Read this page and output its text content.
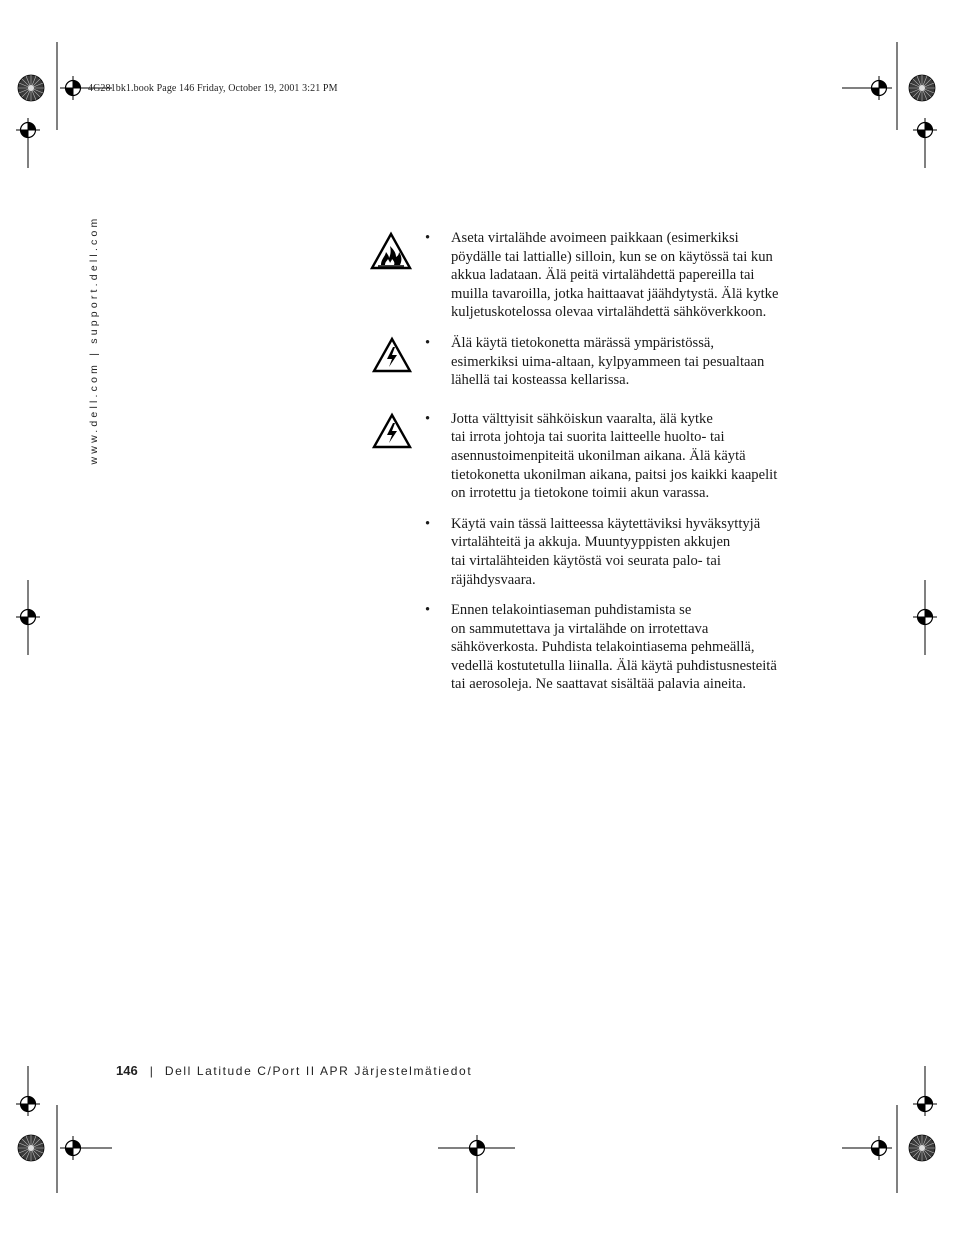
4G281bk1.book Page 146 Friday, October 19, 2001 3:21 PM
www.dell.com | support.dell.com	•	Aseta virtalähde avoimeen paikkaan (esimerkiksi
pöydälle tai lattialle) silloin, kun se on käytössä tai kun
akkua ladataan. Älä peitä virtalähdettä papereilla tai
muilla tavaroilla, jotka haittaavat jäähdytystä. Älä kytke
kuljetuskotelossa olevaa virtalähdettä sähköverkkoon.
•	Älä käytä tietokonetta märässä ympäristössä,
esimerkiksi uima-altaan, kylpyammeen tai pesualtaan
lähellä tai kosteassa kellarissa.
•	Jotta välttyisit sähköiskun vaaralta, älä kytke
tai irrota johtoja tai suorita laitteelle huolto- tai
asennustoimenpiteitä ukonilman aikana. Älä käytä
tietokonetta ukonilman aikana, paitsi jos kaikki kaapelit
on irrotettu ja tietokone toimii akun varassa.
•	Käytä vain tässä laitteessa käytettäviksi hyväksyttyjä
virtalähteitä ja akkuja. Muuntyyppisten akkujen
tai virtalähteiden käytöstä voi seurata palo- tai
räjähdysvaara.
•	Ennen telakointiaseman puhdistamista se
on sammutettava ja virtalähde on irrotettava
sähköverkosta. Puhdista telakointiasema pehmeällä,
vedellä kostutetulla liinalla. Älä käytä puhdistusnesteitä
tai aerosoleja. Ne saattavat sisältää palavia aineita.
146 | Dell Latitude C/Port II APR Järjestelmätiedot
